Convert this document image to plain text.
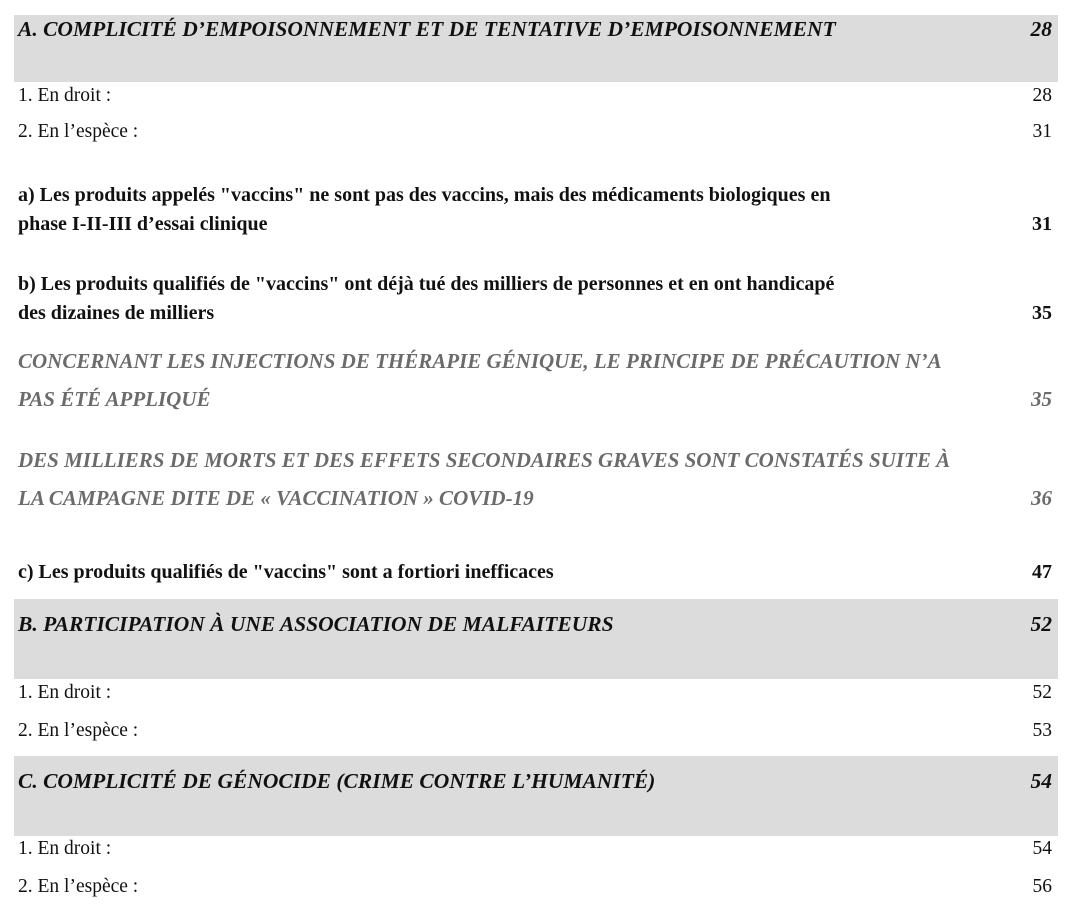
A. COMPLICITÉ D’EMPOISONNEMENT ET DE TENTATIVE D’EMPOISONNEMENT	28
1. En droit :	28
2. En l’espèce :	31
a) Les produits appelés "vaccins" ne sont pas des vaccins, mais des médicaments biologiques en
phase I-II-III d’essai clinique	31
b) Les produits qualifiés de "vaccins" ont déjà tué des milliers de personnes et en ont handicapé
des dizaines de milliers	35
CONCERNANT LES INJECTIONS DE THÉRAPIE GÉNIQUE, LE PRINCIPE DE PRÉCAUTION N’A
PAS ÉTÉ APPLIQUÉ	35
DES MILLIERS DE MORTS ET DES EFFETS SECONDAIRES GRAVES SONT CONSTATÉS SUITE À
LA CAMPAGNE DITE DE « VACCINATION » COVID-19	36
c) Les produits qualifiés de "vaccins" sont a fortiori inefficaces	47
B. PARTICIPATION À UNE ASSOCIATION DE MALFAITEURS	52
1. En droit :	52
2. En l’espèce :	53
C. COMPLICITÉ DE GÉNOCIDE (CRIME CONTRE L’HUMANITÉ)	54
1. En droit :	54
2. En l’espèce :	56
